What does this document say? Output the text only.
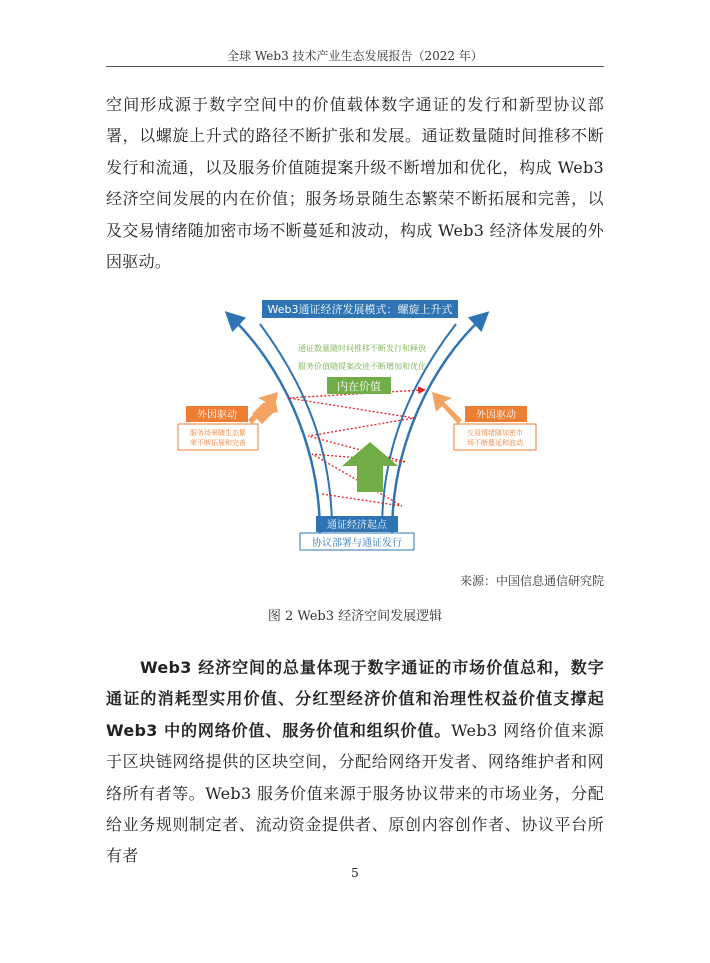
全球 Web3 技术产业生态发展报告（2022 年）
空间形成源于数字空间中的价值载体数字通证的发行和新型协议部署，以螺旋上升式的路径不断扩张和发展。通证数量随时间推移不断发行和流通，以及服务价值随提案升级不断增加和优化，构成 Web3 经济空间发展的内在价值；服务场景随生态繁荣不断拓展和完善，以及交易情绪随加密市场不断蔓延和波动，构成 Web3 经济体发展的外因驱动。
Web3通证经济发展模式：螺旋上升式
通证数量随时间推移不断发行和释放
服务价值随提案改进不断增加和优化
内在价值
外因驱动
服务场景随生态繁
荣不断拓展和完善
外因驱动
交易情绪随加密市
场不断蔓延和波动
通证经济起点
协议部署与通证发行
来源：中国信息通信研究院
图 2 Web3 经济空间发展逻辑
Web3 经济空间的总量体现于数字通证的市场价值总和，数字通证的消耗型实用价值、分红型经济价值和治理性权益价值支撑起 Web3 中的网络价值、服务价值和组织价值。Web3 网络价值来源于区块链网络提供的区块空间，分配给网络开发者、网络维护者和网络所有者等。Web3 服务价值来源于服务协议带来的市场业务，分配给业务规则制定者、流动资金提供者、原创内容创作者、协议平台所有者
5
